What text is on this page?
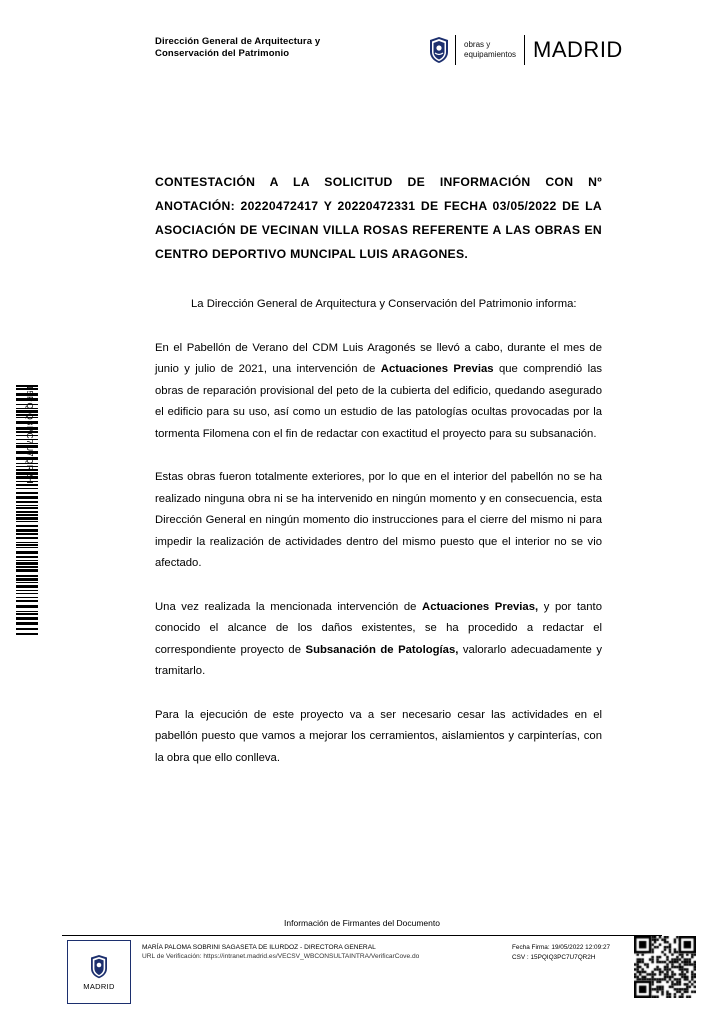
Dirección General de Arquitectura y
Conservación del Patrimonio
obras y
equipamientos MADRID
15PQIQ3PC7U7QR2H
CONTESTACIÓN A LA SOLICITUD DE INFORMACIÓN CON Nº ANOTACIÓN: 20220472417 Y 20220472331 DE FECHA 03/05/2022 DE LA ASOCIACIÓN DE VECINAN VILLA ROSAS REFERENTE A LAS OBRAS EN CENTRO DEPORTIVO MUNCIPAL LUIS ARAGONES.

La Dirección General de Arquitectura y Conservación del Patrimonio informa:

En el Pabellón de Verano del CDM Luis Aragonés se llevó a cabo, durante el mes de junio y julio de 2021, una intervención de Actuaciones Previas que comprendió las obras de reparación provisional del peto de la cubierta del edificio, quedando asegurado el edificio para su uso, así como un estudio de las patologías ocultas provocadas por la tormenta Filomena con el fin de redactar con exactitud el proyecto para su subsanación.

Estas obras fueron totalmente exteriores, por lo que en el interior del pabellón no se ha realizado ninguna obra ni se ha intervenido en ningún momento y en consecuencia, esta Dirección General en ningún momento dio instrucciones para el cierre del mismo ni para impedir la realización de actividades dentro del mismo puesto que el interior no se vio afectado.

Una vez realizada la mencionada intervención de Actuaciones Previas, y por tanto conocido el alcance de los daños existentes, se ha procedido a redactar el correspondiente proyecto de Subsanación de Patologías, valorarlo adecuadamente y tramitarlo.

Para la ejecución de este proyecto va a ser necesario cesar las actividades en el pabellón puesto que vamos a mejorar los cerramientos, aislamientos y carpinterías, con la obra que ello conlleva.

Información de Firmantes del Documento
MADRID
MARÍA PALOMA SOBRINI SAGASETA DE ILURDOZ - DIRECTORA GENERAL
URL de Verificación: https://intranet.madrid.es/VECSV_WBCONSULTAINTRA/VerificarCove.do
Fecha Firma: 19/05/2022 12:09:27
CSV : 15PQIQ3PC7U7QR2H
